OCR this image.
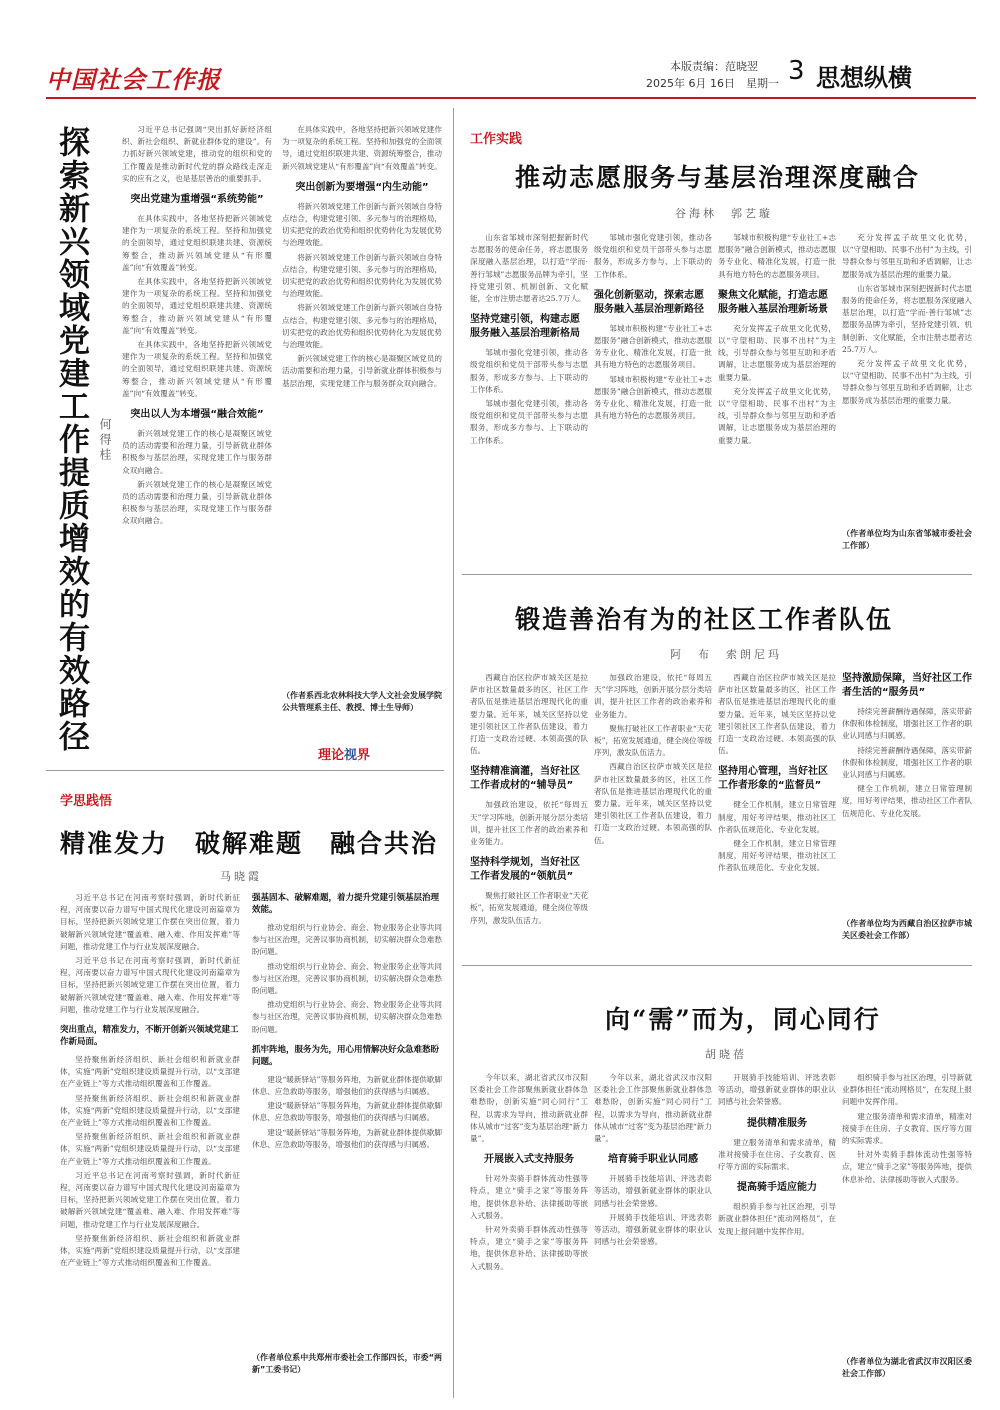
中国社会工作报	本版责编：范晓翌
2025年 6月 16日　星期一 3 思想纵横
探索新兴领域党建工作提质增效的有效路径 何得桂

习近平总书记强调“突出抓好新经济组织、新社会组织、新就业群体党的建设”。有力抓好新兴领域党建，推动党的组织和党的工作覆盖是推动新时代党的群众路线走深走实的应有之义，也是基层善治的重要抓手。

突出党建为重增强“系统势能”

在具体实践中，各地坚持把新兴领域党建作为一项复杂的系统工程。坚持和加强党的全面领导，通过党组织联建共建、资源统筹整合，推动新兴领域党建从“有形覆盖”向“有效覆盖”转变。

在具体实践中，各地坚持把新兴领域党建作为一项复杂的系统工程。坚持和加强党的全面领导，通过党组织联建共建、资源统筹整合，推动新兴领域党建从“有形覆盖”向“有效覆盖”转变。

在具体实践中，各地坚持把新兴领域党建作为一项复杂的系统工程。坚持和加强党的全面领导，通过党组织联建共建、资源统筹整合，推动新兴领域党建从“有形覆盖”向“有效覆盖”转变。

突出以人为本增强“融合效能”

新兴领域党建工作的核心是凝聚区域党员的活动需要和治理力量，引导新就业群体积极参与基层治理，实现党建工作与服务群众双向融合。

新兴领域党建工作的核心是凝聚区域党员的活动需要和治理力量，引导新就业群体积极参与基层治理，实现党建工作与服务群众双向融合。

在具体实践中，各地坚持把新兴领域党建作为一项复杂的系统工程。坚持和加强党的全面领导，通过党组织联建共建、资源统筹整合，推动新兴领域党建从“有形覆盖”向“有效覆盖”转变。

突出创新为要增强“内生动能”

将新兴领域党建工作创新与新兴领域自身特点结合，构建党建引领、多元参与的治理格局，切实把党的政治优势和组织优势转化为发展优势与治理效能。

将新兴领域党建工作创新与新兴领域自身特点结合，构建党建引领、多元参与的治理格局，切实把党的政治优势和组织优势转化为发展优势与治理效能。

将新兴领域党建工作创新与新兴领域自身特点结合，构建党建引领、多元参与的治理格局，切实把党的政治优势和组织优势转化为发展优势与治理效能。

新兴领域党建工作的核心是凝聚区域党员的活动需要和治理力量，引导新就业群体积极参与基层治理，实现党建工作与服务群众双向融合。

（作者系西北农林科技大学人文社会发展学院公共管理系主任、教授、博士生导师）
理论视界
学思践悟
精准发力　破解难题　融合共治
马晓霞

习近平总书记在河南考察时强调，新时代新征程，河南要以奋力谱写中国式现代化建设河南篇章为目标，坚持把新兴领域党建工作摆在突出位置，着力破解新兴领域党建“覆盖难、融入难、作用发挥难”等问题，推动党建工作与行业发展深度融合。

习近平总书记在河南考察时强调，新时代新征程，河南要以奋力谱写中国式现代化建设河南篇章为目标，坚持把新兴领域党建工作摆在突出位置，着力破解新兴领域党建“覆盖难、融入难、作用发挥难”等问题，推动党建工作与行业发展深度融合。

突出重点，精准发力，不断开创新兴领域党建工作新局面。

坚持聚焦新经济组织、新社会组织和新就业群体，实施“两新”党组织建设质量提升行动，以“支部建在产业链上”等方式推动组织覆盖和工作覆盖。

坚持聚焦新经济组织、新社会组织和新就业群体，实施“两新”党组织建设质量提升行动，以“支部建在产业链上”等方式推动组织覆盖和工作覆盖。

坚持聚焦新经济组织、新社会组织和新就业群体，实施“两新”党组织建设质量提升行动，以“支部建在产业链上”等方式推动组织覆盖和工作覆盖。

习近平总书记在河南考察时强调，新时代新征程，河南要以奋力谱写中国式现代化建设河南篇章为目标，坚持把新兴领域党建工作摆在突出位置，着力破解新兴领域党建“覆盖难、融入难、作用发挥难”等问题，推动党建工作与行业发展深度融合。

坚持聚焦新经济组织、新社会组织和新就业群体，实施“两新”党组织建设质量提升行动，以“支部建在产业链上”等方式推动组织覆盖和工作覆盖。

强基固本、破解难题，着力提升党建引领基层治理效能。

推动党组织与行业协会、商会、物业服务企业等共同参与社区治理，完善议事协商机制，切实解决群众急难愁盼问题。

推动党组织与行业协会、商会、物业服务企业等共同参与社区治理，完善议事协商机制，切实解决群众急难愁盼问题。

推动党组织与行业协会、商会、物业服务企业等共同参与社区治理，完善议事协商机制，切实解决群众急难愁盼问题。

抓牢阵地，服务为先，用心用情解决好众急难愁盼问题。

建设“暖新驿站”等服务阵地，为新就业群体提供歇脚休息、应急救助等服务，增强他们的获得感与归属感。

建设“暖新驿站”等服务阵地，为新就业群体提供歇脚休息、应急救助等服务，增强他们的获得感与归属感。

建设“暖新驿站”等服务阵地，为新就业群体提供歇脚休息、应急救助等服务，增强他们的获得感与归属感。

（作者单位系中共郑州市委社会工作部四长，市委“两新”工委书记）
工作实践
推动志愿服务与基层治理深度融合
谷海林　郭艺璇

山东省邹城市深刻把握新时代志愿服务的使命任务，将志愿服务深度融入基层治理，以打造“学而·善行邹城”志愿服务品牌为牵引，坚持党建引领、机制创新、文化赋能，全市注册志愿者达25.7万人。

坚持党建引领，构建志愿服务融入基层治理新格局

邹城市强化党建引领，推动各级党组织和党员干部带头参与志愿服务，形成多方参与、上下联动的工作体系。

邹城市强化党建引领，推动各级党组织和党员干部带头参与志愿服务，形成多方参与、上下联动的工作体系。

邹城市强化党建引领，推动各级党组织和党员干部带头参与志愿服务，形成多方参与、上下联动的工作体系。

强化创新驱动，探索志愿服务融入基层治理新路径

邹城市积极构建“专业社工+志愿服务”融合创新模式，推动志愿服务专业化、精准化发展，打造一批具有地方特色的志愿服务项目。

邹城市积极构建“专业社工+志愿服务”融合创新模式，推动志愿服务专业化、精准化发展，打造一批具有地方特色的志愿服务项目。

邹城市积极构建“专业社工+志愿服务”融合创新模式，推动志愿服务专业化、精准化发展，打造一批具有地方特色的志愿服务项目。

聚焦文化赋能，打造志愿服务融入基层治理新场景

充分发挥孟子故里文化优势，以“守望相助、民事不出村”为主线，引导群众参与邻里互助和矛盾调解，让志愿服务成为基层治理的重要力量。

充分发挥孟子故里文化优势，以“守望相助、民事不出村”为主线，引导群众参与邻里互助和矛盾调解，让志愿服务成为基层治理的重要力量。

充分发挥孟子故里文化优势，以“守望相助、民事不出村”为主线，引导群众参与邻里互助和矛盾调解，让志愿服务成为基层治理的重要力量。

山东省邹城市深刻把握新时代志愿服务的使命任务，将志愿服务深度融入基层治理，以打造“学而·善行邹城”志愿服务品牌为牵引，坚持党建引领、机制创新、文化赋能，全市注册志愿者达25.7万人。

充分发挥孟子故里文化优势，以“守望相助、民事不出村”为主线，引导群众参与邻里互助和矛盾调解，让志愿服务成为基层治理的重要力量。

（作者单位均为山东省邹城市委社会工作部）
锻造善治有为的社区工作者队伍
阿　布　索朗尼玛

西藏自治区拉萨市城关区是拉萨市社区数量最多的区，社区工作者队伍是推进基层治理现代化的重要力量。近年来，城关区坚持以党建引领社区工作者队伍建设，着力打造一支政治过硬、本领高强的队伍。

坚持精准滴灌，当好社区工作者成材的“辅导员”

加强政治建设，依托“每周五天”学习阵地，创新开展分层分类培训，提升社区工作者的政治素养和业务能力。

坚持科学规划，当好社区工作者发展的“领航员”

聚焦打破社区工作者职业“天花板”，拓宽发展通道，健全岗位等级序列，激发队伍活力。

加强政治建设，依托“每周五天”学习阵地，创新开展分层分类培训，提升社区工作者的政治素养和业务能力。

聚焦打破社区工作者职业“天花板”，拓宽发展通道，健全岗位等级序列，激发队伍活力。

西藏自治区拉萨市城关区是拉萨市社区数量最多的区，社区工作者队伍是推进基层治理现代化的重要力量。近年来，城关区坚持以党建引领社区工作者队伍建设，着力打造一支政治过硬、本领高强的队伍。

西藏自治区拉萨市城关区是拉萨市社区数量最多的区，社区工作者队伍是推进基层治理现代化的重要力量。近年来，城关区坚持以党建引领社区工作者队伍建设，着力打造一支政治过硬、本领高强的队伍。

坚持用心管理，当好社区工作者形象的“监督员”

健全工作机制，建立日常管理制度，用好考评结果，推动社区工作者队伍规范化、专业化发展。

健全工作机制，建立日常管理制度，用好考评结果，推动社区工作者队伍规范化、专业化发展。

坚持激励保障，当好社区工作者生活的“服务员”

持续完善薪酬待遇保障，落实带薪休假和体检制度，增强社区工作者的职业认同感与归属感。

持续完善薪酬待遇保障，落实带薪休假和体检制度，增强社区工作者的职业认同感与归属感。

健全工作机制，建立日常管理制度，用好考评结果，推动社区工作者队伍规范化、专业化发展。

（作者单位均为西藏自治区拉萨市城关区委社会工作部）
向“需”而为，同心同行
胡晓蓓

今年以来，湖北省武汉市汉阳区委社会工作部聚焦新就业群体急难愁盼，创新实施“同心同行”工程，以需求为导向，推动新就业群体从城市“过客”变为基层治理“新力量”。

开展嵌入式支持服务

针对外卖骑手群体流动性强等特点，建立“骑手之家”等服务阵地，提供休息补给、法律援助等嵌入式服务。

针对外卖骑手群体流动性强等特点，建立“骑手之家”等服务阵地，提供休息补给、法律援助等嵌入式服务。

今年以来，湖北省武汉市汉阳区委社会工作部聚焦新就业群体急难愁盼，创新实施“同心同行”工程，以需求为导向，推动新就业群体从城市“过客”变为基层治理“新力量”。

培育骑手职业认同感

开展骑手技能培训、评选表彰等活动，增强新就业群体的职业认同感与社会荣誉感。

开展骑手技能培训、评选表彰等活动，增强新就业群体的职业认同感与社会荣誉感。

开展骑手技能培训、评选表彰等活动，增强新就业群体的职业认同感与社会荣誉感。

提供精准服务

建立服务清单和需求清单，精准对接骑手在住房、子女教育、医疗等方面的实际需求。

提高骑手适应能力

组织骑手参与社区治理，引导新就业群体担任“流动网格员”，在发现上报问题中发挥作用。

组织骑手参与社区治理，引导新就业群体担任“流动网格员”，在发现上报问题中发挥作用。

建立服务清单和需求清单，精准对接骑手在住房、子女教育、医疗等方面的实际需求。

针对外卖骑手群体流动性强等特点，建立“骑手之家”等服务阵地，提供休息补给、法律援助等嵌入式服务。

（作者单位为湖北省武汉市汉阳区委社会工作部）
